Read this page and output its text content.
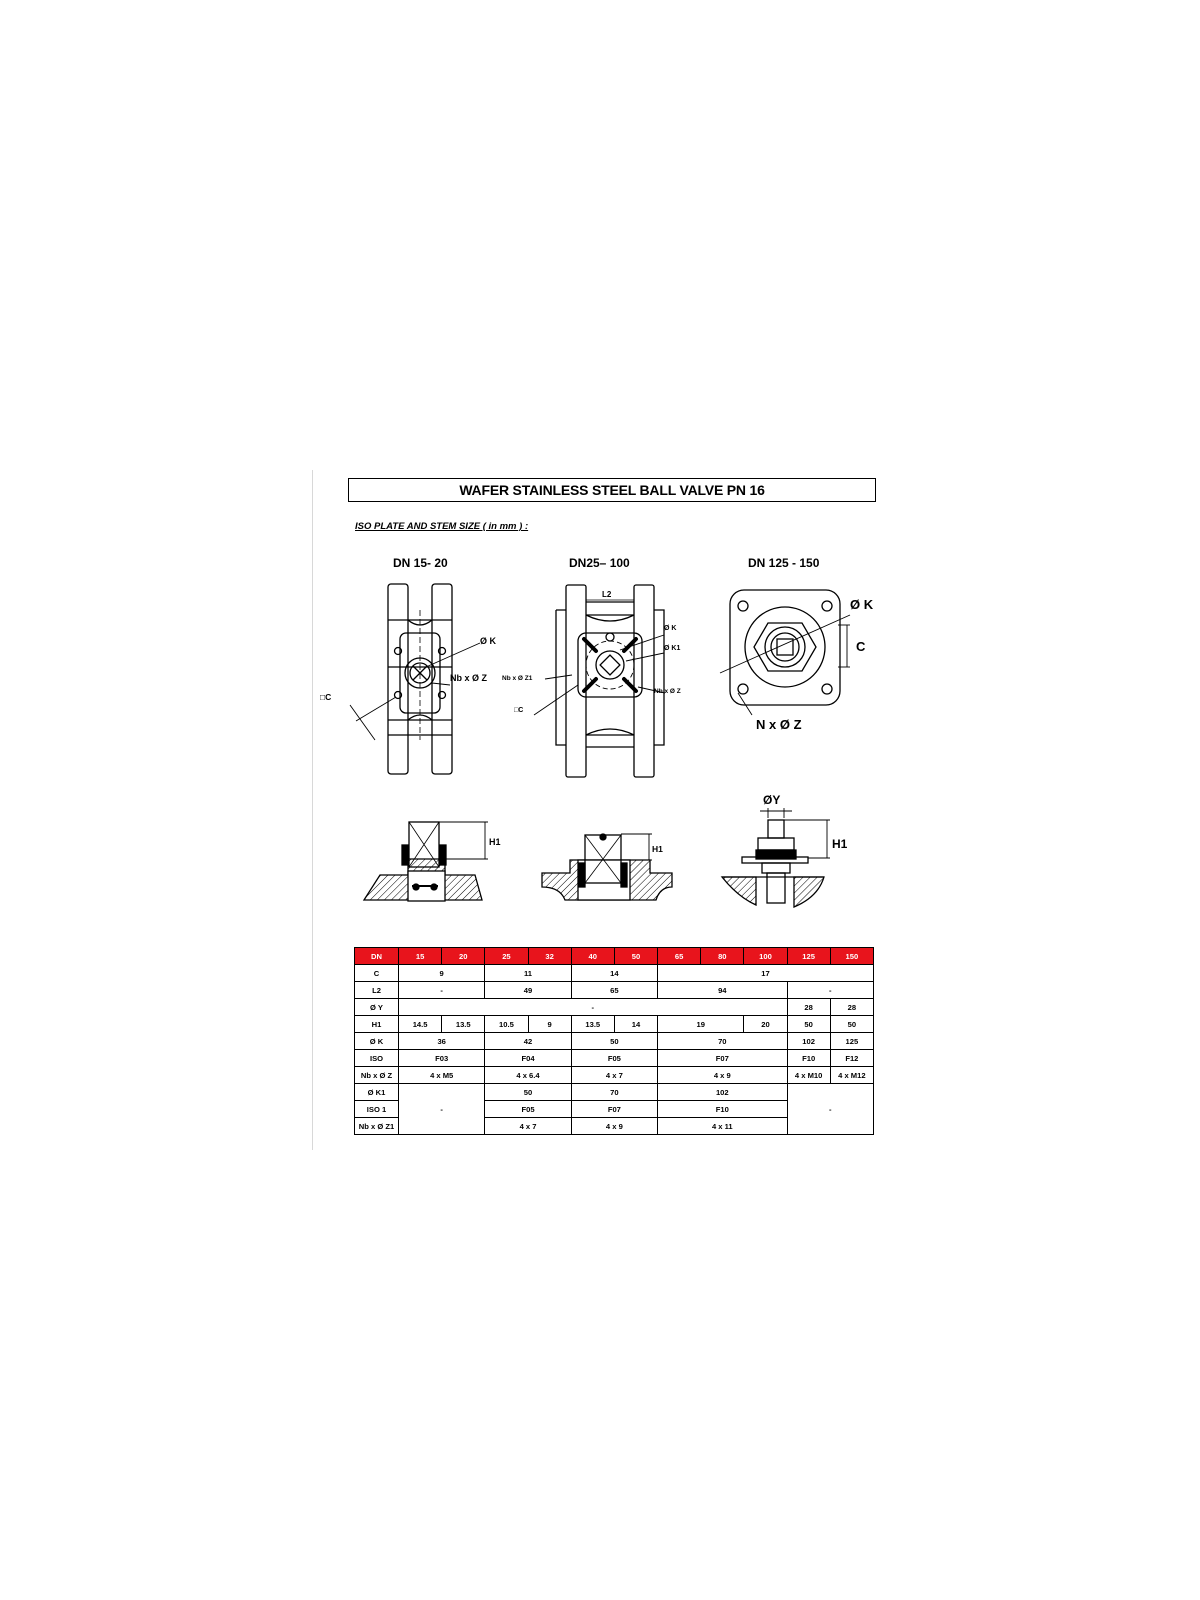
WAFER STAINLESS STEEL BALL VALVE PN 16
ISO PLATE AND STEM SIZE ( in mm ) :
DN 15- 20	DN25– 100	DN 125 - 150
Ø K
Nb x Ø Z
□C
L2
Ø K
Ø K1
Nb x Ø Z1
Nb x Ø Z
□C
Ø K
C
N x Ø Z
H1
H1
ØY
H1
DN	15	20	25	32	40	50	65	80	100	125	150
C	9		11		14		17				
L2	-		49		65		94			-	
Ø Y	-									28	28
H1	14.5	13.5	10.5	9	13.5	14	19		20	50	50
Ø K	36		42		50		70			102	125
ISO	F03		F04		F05		F07			F10	F12
Nb x Ø Z	4 x M5		4 x 6.4		4 x 7		4 x 9			4 x M10	4 x M12
Ø K1	-		50		70		102			-	
ISO 1			F05		F07		F10				
Nb x Ø Z1			4 x 7		4 x 9		4 x 11				
